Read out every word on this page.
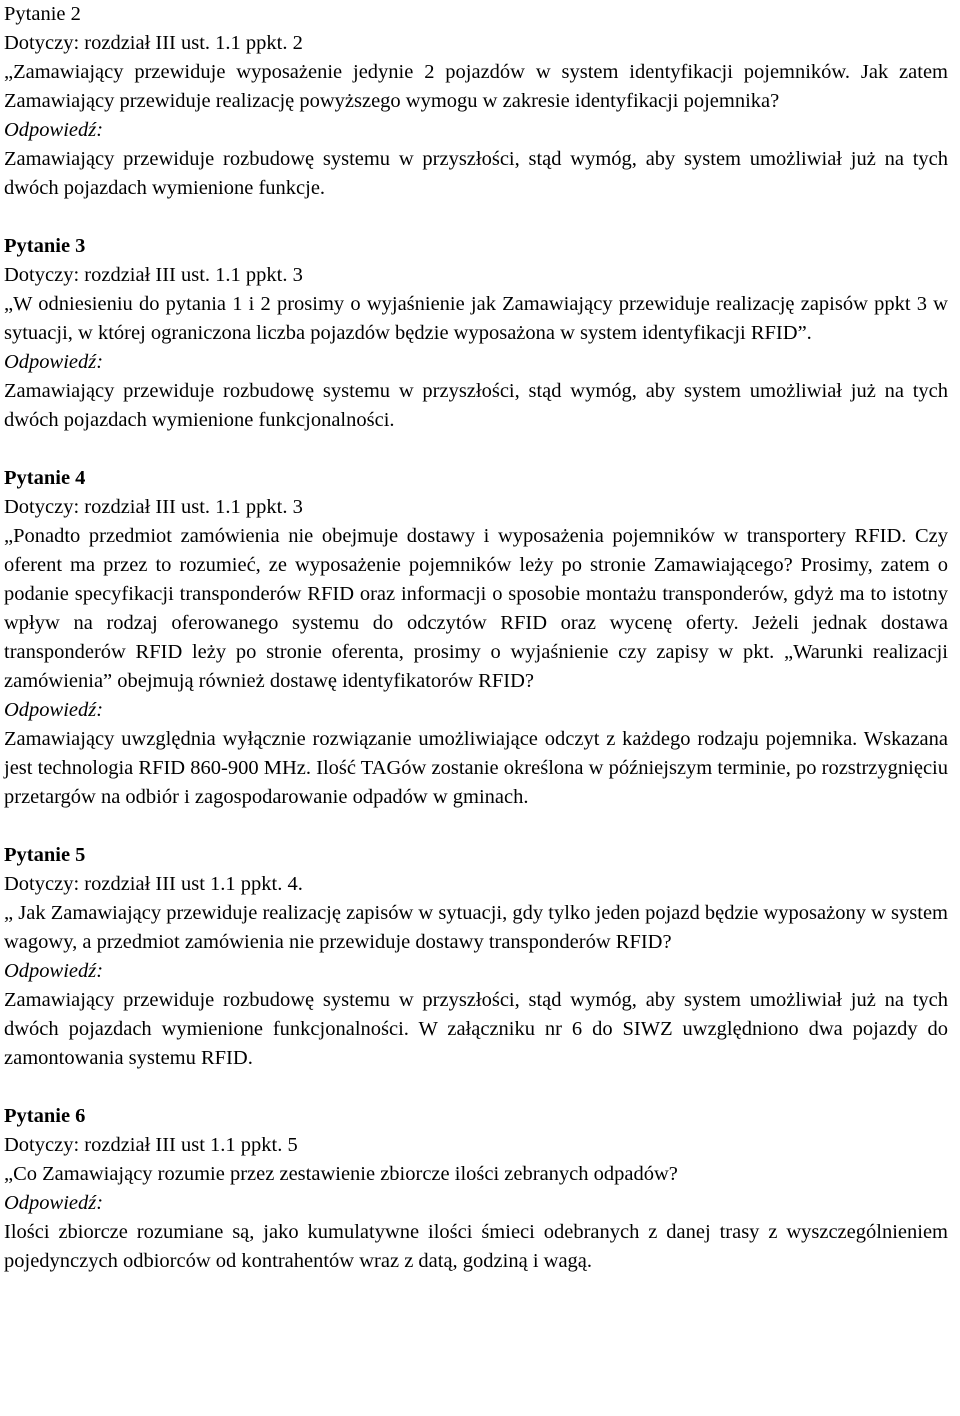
Pytanie 2
Dotyczy: rozdział III ust. 1.1 ppkt. 2

„Zamawiający przewiduje wyposażenie jedynie 2 pojazdów w system identyfikacji pojemników. Jak zatem Zamawiający przewiduje realizację powyższego wymogu w zakresie identyfikacji pojemnika?

Odpowiedź:

Zamawiający przewiduje rozbudowę systemu w przyszłości, stąd wymóg, aby system umożliwiał już na tych dwóch pojazdach wymienione funkcje.

Pytanie 3
Dotyczy: rozdział III ust. 1.1 ppkt. 3

„W odniesieniu do pytania 1 i 2 prosimy o wyjaśnienie jak Zamawiający przewiduje realizację zapisów ppkt 3 w sytuacji, w której ograniczona liczba pojazdów będzie wyposażona w system identyfikacji RFID”.

Odpowiedź:

Zamawiający przewiduje rozbudowę systemu w przyszłości, stąd wymóg, aby system umożliwiał już na tych dwóch pojazdach wymienione funkcjonalności.

Pytanie 4
Dotyczy: rozdział III ust. 1.1 ppkt. 3

„Ponadto przedmiot zamówienia nie obejmuje dostawy i wyposażenia pojemników w transportery RFID. Czy oferent ma przez to rozumieć, ze wyposażenie pojemników leży po stronie Zamawiającego? Prosimy, zatem o podanie specyfikacji transponderów RFID oraz informacji o sposobie montażu transponderów, gdyż ma to istotny wpływ na rodzaj oferowanego systemu do odczytów RFID oraz wycenę oferty. Jeżeli jednak dostawa transponderów RFID leży po stronie oferenta, prosimy o wyjaśnienie czy zapisy w pkt. „Warunki realizacji zamówienia” obejmują również dostawę identyfikatorów RFID?

Odpowiedź:

Zamawiający uwzględnia wyłącznie rozwiązanie umożliwiające odczyt z każdego rodzaju pojemnika. Wskazana jest technologia RFID 860-900 MHz. Ilość TAGów zostanie określona w późniejszym terminie, po rozstrzygnięciu przetargów na odbiór i zagospodarowanie odpadów w gminach.

Pytanie 5
Dotyczy: rozdział III ust 1.1 ppkt. 4.

„ Jak Zamawiający przewiduje realizację zapisów w sytuacji, gdy tylko jeden pojazd będzie wyposażony w system wagowy, a przedmiot zamówienia nie przewiduje dostawy transponderów RFID?

Odpowiedź:

Zamawiający przewiduje rozbudowę systemu w przyszłości, stąd wymóg, aby system umożliwiał już na tych dwóch pojazdach wymienione funkcjonalności. W załączniku nr 6 do SIWZ uwzględniono dwa pojazdy do zamontowania systemu RFID.

Pytanie 6
Dotyczy: rozdział III ust 1.1 ppkt. 5

„Co Zamawiający rozumie przez zestawienie zbiorcze ilości zebranych odpadów?

Odpowiedź:

Ilości zbiorcze rozumiane są, jako kumulatywne ilości śmieci odebranych z danej trasy z wyszczególnieniem pojedynczych odbiorców od kontrahentów wraz z datą, godziną i wagą.
